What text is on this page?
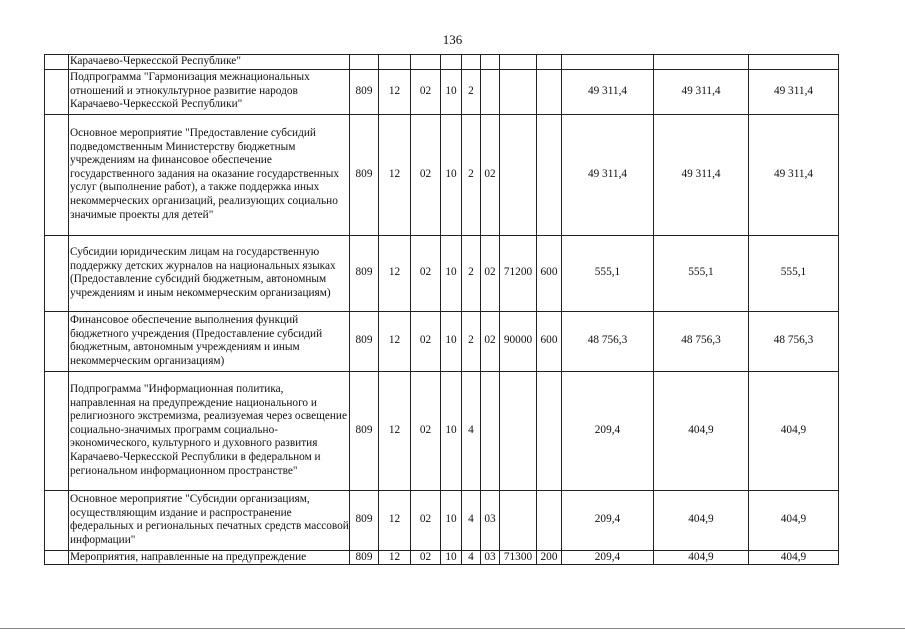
136
	Карачаево-Черкесской Республике"											
	Подпрограмма "Гармонизация межнациональных отношений и этнокультурное развитие народов Карачаево-Черкесской Республики"	809	12	02	10	2				49 311,4	49 311,4	49 311,4
	Основное мероприятие "Предоставление субсидий подведомственным Министерству бюджетным учреждениям на финансовое обеспечение государственного задания на оказание государственных услуг (выполнение работ), а также поддержка иных некоммерческих организаций, реализующих социально значимые проекты для детей"	809	12	02	10	2	02			49 311,4	49 311,4	49 311,4
	Субсидии юридическим лицам на государственную поддержку детских журналов на национальных языках (Предоставление субсидий бюджетным, автономным учреждениям и иным некоммерческим организациям)	809	12	02	10	2	02	71200	600	555,1	555,1	555,1
	Финансовое обеспечение выполнения функций бюджетного учреждения (Предоставление субсидий бюджетным, автономным учреждениям и иным некоммерческим организациям)	809	12	02	10	2	02	90000	600	48 756,3	48 756,3	48 756,3
	Подпрограмма "Информационная политика, направленная на предупреждение национального и религиозного экстремизма, реализуемая через освещение социально-значимых программ социально-экономического, культурного и духовного развития Карачаево-Черкесской Республики в федеральном и региональном информационном пространстве"	809	12	02	10	4				209,4	404,9	404,9
	Основное мероприятие "Субсидии организациям, осуществляющим издание и распространение федеральных и региональных печатных средств массовой информации"	809	12	02	10	4	03			209,4	404,9	404,9
	Мероприятия, направленные на предупреждение	809	12	02	10	4	03	71300	200	209,4	404,9	404,9
